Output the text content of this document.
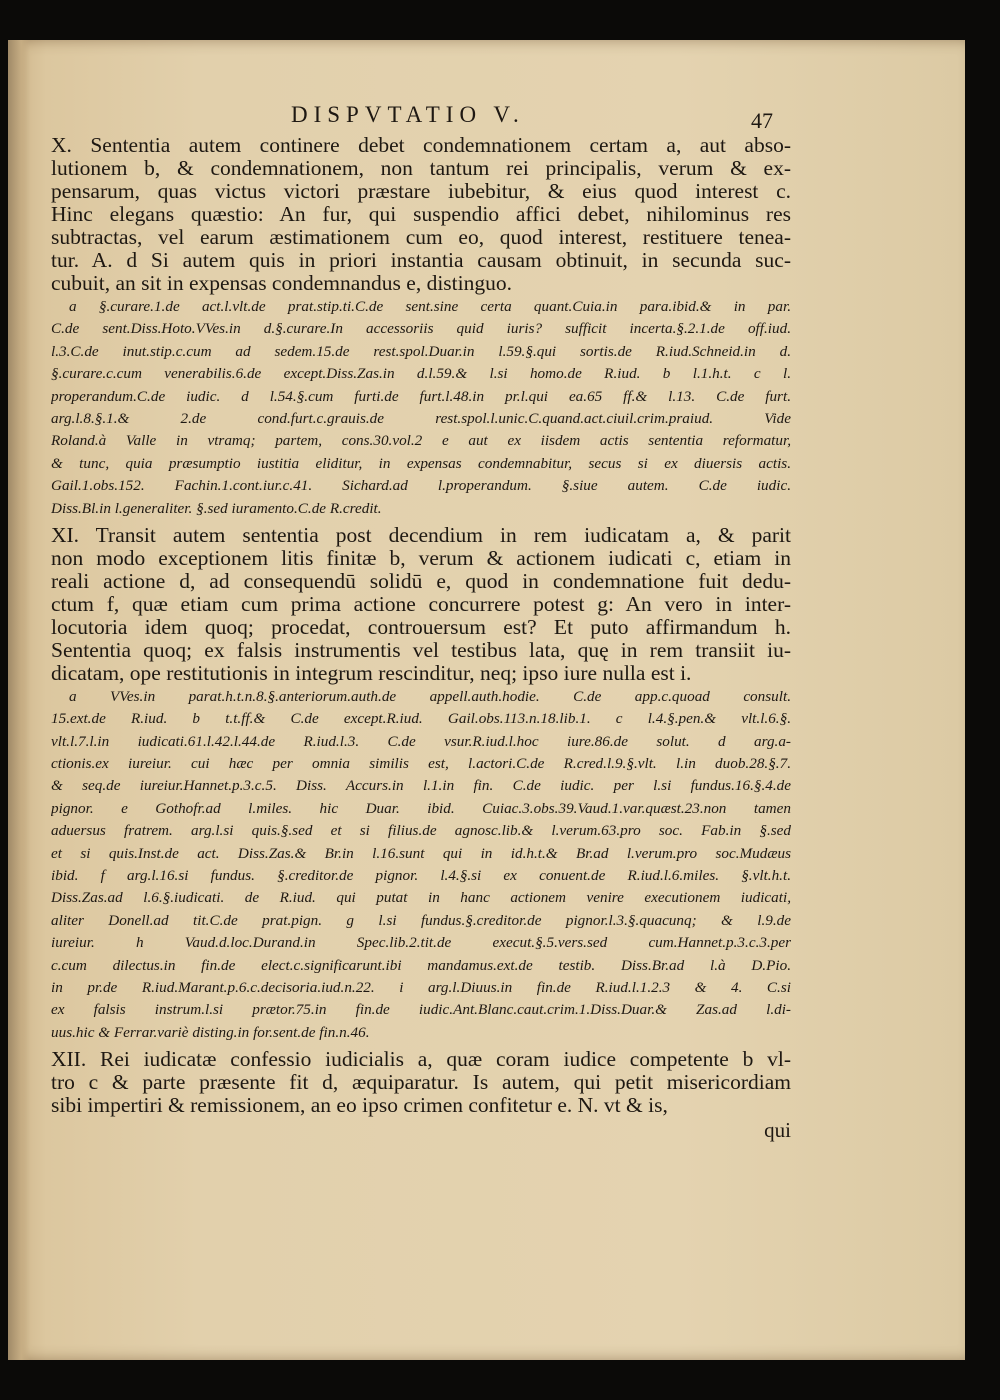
DISPVTATIO V.	47
X. Sententia autem continere debet condemnationem certam a, aut abso-
lutionem b, & condemnationem, non tantum rei principalis, verum & ex-
pensarum, quas victus victori præstare iubebitur, & eius quod interest c.
Hinc elegans quæstio: An fur, qui suspendio affici debet, nihilominus res
subtractas, vel earum æstimationem cum eo, quod interest, restituere tenea-
tur. A. d Si autem quis in priori instantia causam obtinuit, in secunda suc-
cubuit, an sit in expensas condemnandus e, distinguo.
a §.curare.1.de act.l.vlt.de prat.stip.ti.C.de sent.sine certa quant.Cuia.in para.ibid.& in par.
C.de sent.Diss.Hoto.VVes.in d.§.curare.In accessoriis quid iuris? sufficit incerta.§.2.1.de off.iud.
l.3.C.de inut.stip.c.cum ad sedem.15.de rest.spol.Duar.in l.59.§.qui sortis.de R.iud.Schneid.in d.
§.curare.c.cum venerabilis.6.de except.Diss.Zas.in d.l.59.& l.si homo.de R.iud. b l.1.h.t. c l.
properandum.C.de iudic. d l.54.§.cum furti.de furt.l.48.in pr.l.qui ea.65 ff.& l.13. C.de furt.
arg.l.8.§.1.& 2.de cond.furt.c.grauis.de rest.spol.l.unic.C.quand.act.ciuil.crim.praiud. Vide
Roland.à Valle in vtramq; partem, cons.30.vol.2 e aut ex iisdem actis sententia reformatur,
& tunc, quia præsumptio iustitia eliditur, in expensas condemnabitur, secus si ex diuersis actis.
Gail.1.obs.152. Fachin.1.cont.iur.c.41. Sichard.ad l.properandum. §.siue autem. C.de iudic.
Diss.Bl.in l.generaliter. §.sed iuramento.C.de R.credit.
XI. Transit autem sententia post decendium in rem iudicatam a, & parit
non modo exceptionem litis finitæ b, verum & actionem iudicati c, etiam in
reali actione d, ad consequendū solidū e, quod in condemnatione fuit dedu-
ctum f, quæ etiam cum prima actione concurrere potest g: An vero in inter-
locutoria idem quoq; procedat, controuersum est? Et puto affirmandum h.
Sententia quoq; ex falsis instrumentis vel testibus lata, quę in rem transiit iu-
dicatam, ope restitutionis in integrum rescinditur, neq; ipso iure nulla est i.
a VVes.in parat.h.t.n.8.§.anteriorum.auth.de appell.auth.hodie. C.de app.c.quoad consult.
15.ext.de R.iud. b t.t.ff.& C.de except.R.iud. Gail.obs.113.n.18.lib.1. c l.4.§.pen.& vlt.l.6.§.
vlt.l.7.l.in iudicati.61.l.42.l.44.de R.iud.l.3. C.de vsur.R.iud.l.hoc iure.86.de solut. d arg.a-
ctionis.ex iureiur. cui hæc per omnia similis est, l.actori.C.de R.cred.l.9.§.vlt. l.in duob.28.§.7.
& seq.de iureiur.Hannet.p.3.c.5. Diss. Accurs.in l.1.in fin. C.de iudic. per l.si fundus.16.§.4.de
pignor. e Gothofr.ad l.miles. hic Duar. ibid. Cuiac.3.obs.39.Vaud.1.var.quæst.23.non tamen
aduersus fratrem. arg.l.si quis.§.sed et si filius.de agnosc.lib.& l.verum.63.pro soc. Fab.in §.sed
et si quis.Inst.de act. Diss.Zas.& Br.in l.16.sunt qui in id.h.t.& Br.ad l.verum.pro soc.Mudæus
ibid. f arg.l.16.si fundus. §.creditor.de pignor. l.4.§.si ex conuent.de R.iud.l.6.miles. §.vlt.h.t.
Diss.Zas.ad l.6.§.iudicati. de R.iud. qui putat in hanc actionem venire executionem iudicati,
aliter Donell.ad tit.C.de prat.pign. g l.si fundus.§.creditor.de pignor.l.3.§.quacunq; & l.9.de
iureiur. h Vaud.d.loc.Durand.in Spec.lib.2.tit.de execut.§.5.vers.sed cum.Hannet.p.3.c.3.per
c.cum dilectus.in fin.de elect.c.significarunt.ibi mandamus.ext.de testib. Diss.Br.ad l.à D.Pio.
in pr.de R.iud.Marant.p.6.c.decisoria.iud.n.22. i arg.l.Diuus.in fin.de R.iud.l.1.2.3 & 4. C.si
ex falsis instrum.l.si prætor.75.in fin.de iudic.Ant.Blanc.caut.crim.1.Diss.Duar.& Zas.ad l.di-
uus.hic & Ferrar.variè disting.in for.sent.de fin.n.46.
XII. Rei iudicatæ confessio iudicialis a, quæ coram iudice competente b vl-
tro c & parte præsente fit d, æquiparatur. Is autem, qui petit misericordiam
sibi impertiri & remissionem, an eo ipso crimen confitetur e. N. vt & is,
qui
